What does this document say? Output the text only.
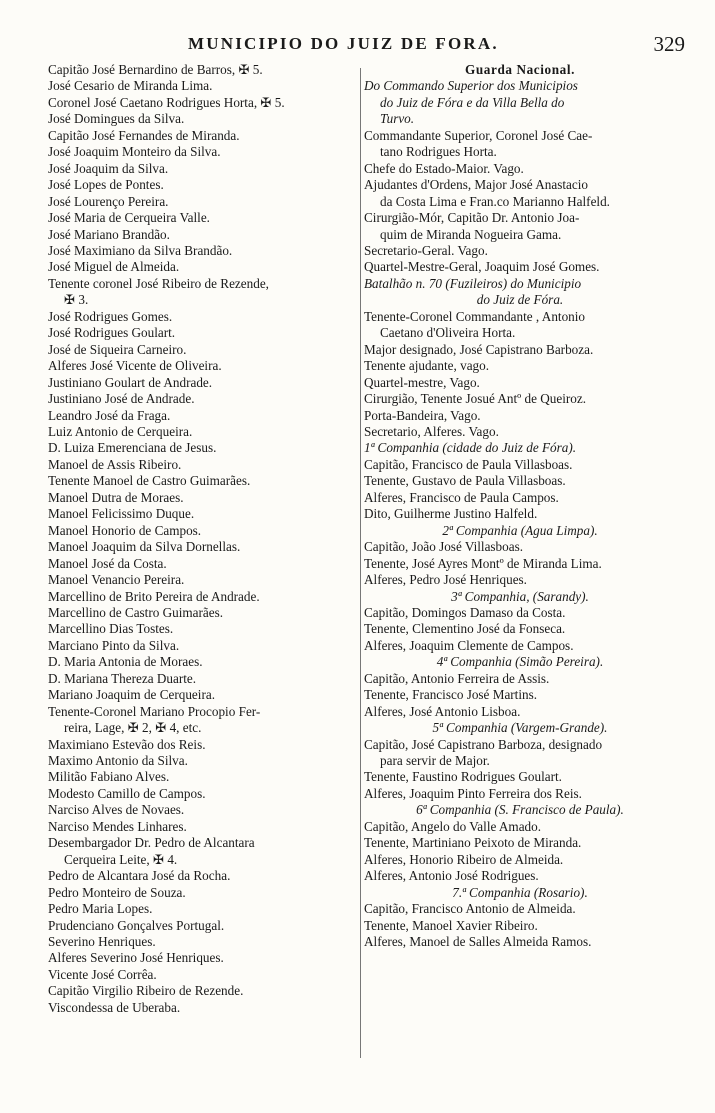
MUNICIPIO DO JUIZ DE FORA.	329
Capitão José Bernardino de Barros, ✠ 5.
José Cesario de Miranda Lima.
Coronel José Caetano Rodrigues Horta, ✠ 5.
José Domingues da Silva.
Capitão José Fernandes de Miranda.
José Joaquim Monteiro da Silva.
José Joaquim da Silva.
José Lopes de Pontes.
José Lourenço Pereira.
José Maria de Cerqueira Valle.
José Mariano Brandão.
José Maximiano da Silva Brandão.
José Miguel de Almeida.
Tenente coronel José Ribeiro de Rezende,
✠ 3.
José Rodrigues Gomes.
José Rodrigues Goulart.
José de Siqueira Carneiro.
Alferes José Vicente de Oliveira.
Justiniano Goulart de Andrade.
Justiniano José de Andrade.
Leandro José da Fraga.
Luiz Antonio de Cerqueira.
D. Luiza Emerenciana de Jesus.
Manoel de Assis Ribeiro.
Tenente Manoel de Castro Guimarães.
Manoel Dutra de Moraes.
Manoel Felicissimo Duque.
Manoel Honorio de Campos.
Manoel Joaquim da Silva Dornellas.
Manoel José da Costa.
Manoel Venancio Pereira.
Marcellino de Brito Pereira de Andrade.
Marcellino de Castro Guimarães.
Marcellino Dias Tostes.
Marciano Pinto da Silva.
D. Maria Antonia de Moraes.
D. Mariana Thereza Duarte.
Mariano Joaquim de Cerqueira.
Tenente-Coronel Mariano Procopio Fer-
reira, Lage, ✠ 2, ✠ 4, etc.
Maximiano Estevão dos Reis.
Maximo Antonio da Silva.
Militão Fabiano Alves.
Modesto Camillo de Campos.
Narciso Alves de Novaes.
Narciso Mendes Linhares.
Desembargador Dr. Pedro de Alcantara
Cerqueira Leite, ✠ 4.
Pedro de Alcantara José da Rocha.
Pedro Monteiro de Souza.
Pedro Maria Lopes.
Prudenciano Gonçalves Portugal.
Severino Henriques.
Alferes Severino José Henriques.
Vicente José Corrêa.
Capitão Virgilio Ribeiro de Rezende.
Viscondessa de Uberaba.
Guarda Nacional.
Do Commando Superior dos Municipios
do Juiz de Fóra e da Villa Bella do
Turvo.
Commandante Superior, Coronel José Cae-
tano Rodrigues Horta.
Chefe do Estado-Maior. Vago.
Ajudantes d'Ordens, Major José Anastacio
da Costa Lima e Fran.co Marianno Halfeld.
Cirurgião-Mór, Capitão Dr. Antonio Joa-
quim de Miranda Nogueira Gama.
Secretario-Geral. Vago.
Quartel-Mestre-Geral, Joaquim José Gomes.
Batalhão n. 70 (Fuzileiros) do Municipio
do Juiz de Fóra.
Tenente-Coronel Commandante , Antonio
Caetano d'Oliveira Horta.
Major designado, José Capistrano Barboza.
Tenente ajudante, vago.
Quartel-mestre, Vago.
Cirurgião, Tenente Josué Antº de Queiroz.
Porta-Bandeira, Vago.
Secretario, Alferes. Vago.
1ª Companhia (cidade do Juiz de Fóra).
Capitão, Francisco de Paula Villasboas.
Tenente, Gustavo de Paula Villasboas.
Alferes, Francisco de Paula Campos.
Dito, Guilherme Justino Halfeld.
2ª Companhia (Agua Limpa).
Capitão, João José Villasboas.
Tenente, José Ayres Montº de Miranda Lima.
Alferes, Pedro José Henriques.
3ª Companhia, (Sarandy).
Capitão, Domingos Damaso da Costa.
Tenente, Clementino José da Fonseca.
Alferes, Joaquim Clemente de Campos.
4ª Companhia (Simão Pereira).
Capitão, Antonio Ferreira de Assis.
Tenente, Francisco José Martins.
Alferes, José Antonio Lisboa.
5ª Companhia (Vargem-Grande).
Capitão, José Capistrano Barboza, designado
para servir de Major.
Tenente, Faustino Rodrigues Goulart.
Alferes, Joaquim Pinto Ferreira dos Reis.
6ª Companhia (S. Francisco de Paula).
Capitão, Angelo do Valle Amado.
Tenente, Martiniano Peixoto de Miranda.
Alferes, Honorio Ribeiro de Almeida.
Alferes, Antonio José Rodrigues.
7.ª Companhia (Rosario).
Capitão, Francisco Antonio de Almeida.
Tenente, Manoel Xavier Ribeiro.
Alferes, Manoel de Salles Almeida Ramos.
